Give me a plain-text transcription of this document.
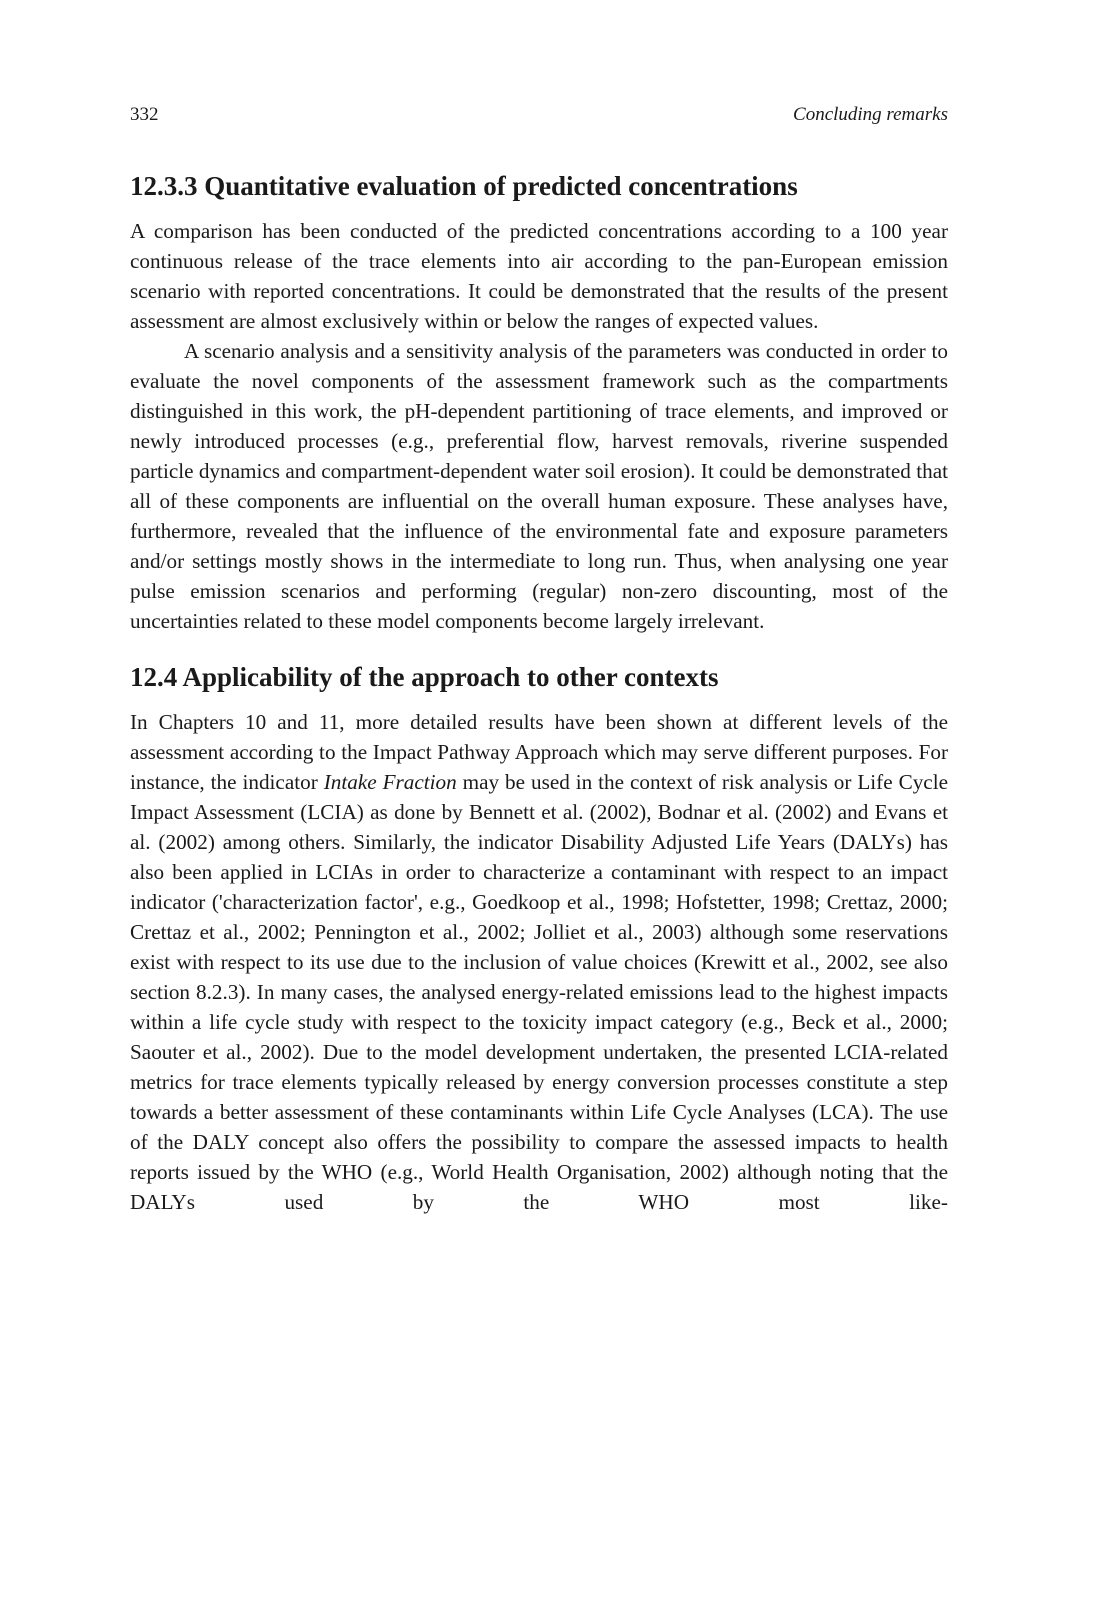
332	Concluding remarks
12.3.3 Quantitative evaluation of predicted concentrations

A comparison has been conducted of the predicted concentrations according to a 100 year continuous release of the trace elements into air according to the pan-European emission scenario with reported concentrations. It could be demonstrated that the results of the present assessment are almost exclusively within or below the ranges of expected values.

A scenario analysis and a sensitivity analysis of the parameters was conducted in order to evaluate the novel components of the assessment framework such as the compartments distinguished in this work, the pH-dependent partitioning of trace elements, and improved or newly introduced processes (e.g., preferential flow, harvest removals, riverine suspended particle dynamics and compartment-dependent water soil erosion). It could be demonstrated that all of these components are influential on the overall human exposure. These analyses have, furthermore, revealed that the influence of the environmental fate and exposure parameters and/or settings mostly shows in the intermediate to long run. Thus, when analysing one year pulse emission scenarios and performing (regular) non-zero discounting, most of the uncertainties related to these model components become largely irrelevant.

12.4 Applicability of the approach to other contexts

In Chapters 10 and 11, more detailed results have been shown at different levels of the assessment according to the Impact Pathway Approach which may serve different purposes. For instance, the indicator Intake Fraction may be used in the context of risk analysis or Life Cycle Impact Assessment (LCIA) as done by Bennett et al. (2002), Bodnar et al. (2002) and Evans et al. (2002) among others. Similarly, the indicator Disability Adjusted Life Years (DALYs) has also been applied in LCIAs in order to characterize a contaminant with respect to an impact indicator ('characterization factor', e.g., Goedkoop et al., 1998; Hofstetter, 1998; Crettaz, 2000; Crettaz et al., 2002; Pennington et al., 2002; Jolliet et al., 2003) although some reservations exist with respect to its use due to the inclusion of value choices (Krewitt et al., 2002, see also section 8.2.3). In many cases, the analysed energy-related emissions lead to the highest impacts within a life cycle study with respect to the toxicity impact category (e.g., Beck et al., 2000; Saouter et al., 2002). Due to the model development undertaken, the presented LCIA-related metrics for trace elements typically released by energy conversion processes constitute a step towards a better assessment of these contaminants within Life Cycle Analyses (LCA). The use of the DALY concept also offers the possibility to compare the assessed impacts to health reports issued by the WHO (e.g., World Health Organisation, 2002) although noting that the DALYs used by the WHO most like-
